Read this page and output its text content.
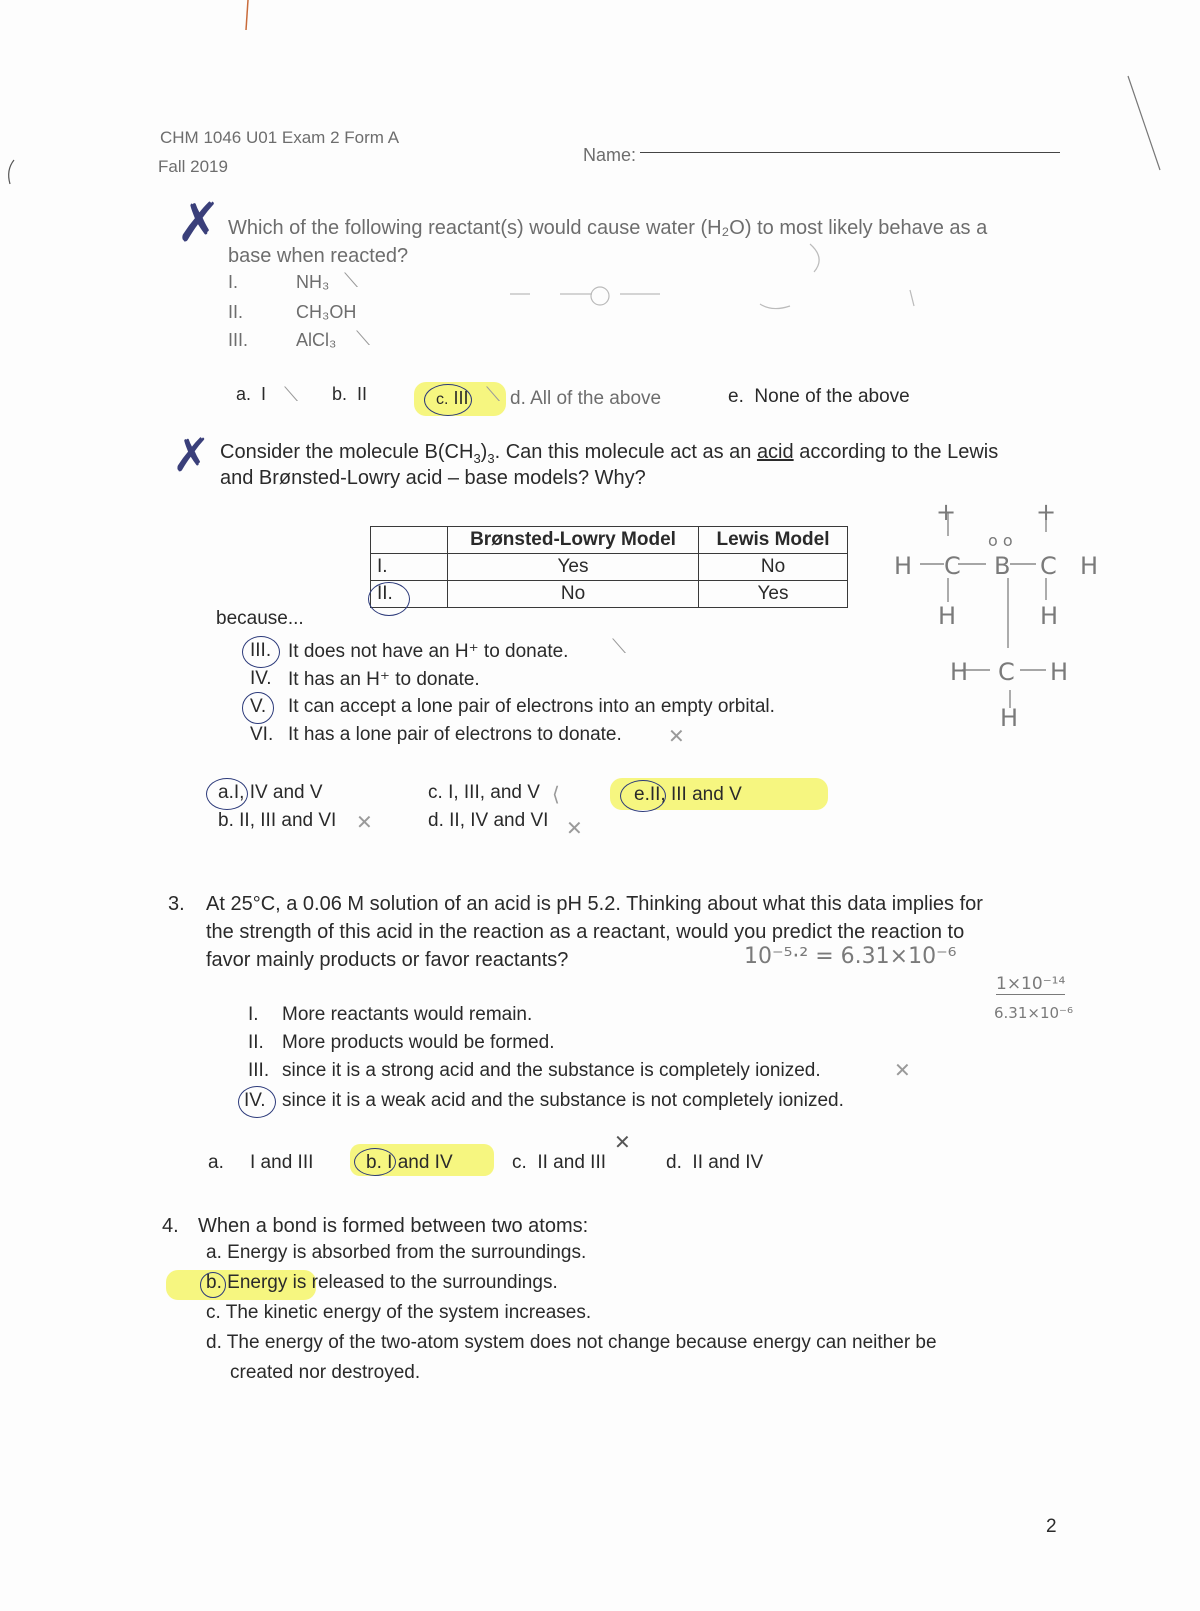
CHM 1046 U01 Exam 2 Form A
Fall 2019
Name:
✗ Which of the following reactant(s) would cause water (H₂O) to most likely behave as a
base when reacted?
I.	NH₃
II.	CH₃OH
III.	AlCl₃
⟍
⟍
a. I ⟍ b. II	c. III ⟍ d. All of the above	e. None of the above
✗ Consider the molecule $B(CH_3)_3$. Can this molecule act as an acid according to the Lewis
and Brønsted-Lowry acid – base models? Why?
	Brønsted-Lowry Model	Lewis Model
I.	Yes	No
II.	No	Yes
because...
III. It does not have an H⁺ to donate. ⟍
IV. It has an H⁺ to donate.
V. It can accept a lone pair of electrons into an empty orbital.
VI. It has a lone pair of electrons to donate. ✕
a.I, IV and V
b. II, III and VI ✕
c. I, III, and V ⟨
d. II, IV and VI ✕
e.II, III and V
+	+
H C B C H
H	H
H C H
H
o o
3. At 25°C, a 0.06 M solution of an acid is pH 5.2. Thinking about what this data implies for
the strength of this acid in the reaction as a reactant, would you predict the reaction to
favor mainly products or favor reactants?	10⁻⁵·² = 6.31×10⁻⁶
1×10⁻¹⁴
6.31×10⁻⁶
I. More reactants would remain.
II. More products would be formed.
III. since it is a strong acid and the substance is completely ionized.	✕
IV. since it is a weak acid and the substance is not completely ionized.
a. I and III	b. I and IV	c. II and III
✕
d. II and IV
4. When a bond is formed between two atoms:
a. Energy is absorbed from the surroundings.
b. Energy is released to the surroundings.
c. The kinetic energy of the system increases.
d. The energy of the two-atom system does not change because energy can neither be
created nor destroyed.
2
